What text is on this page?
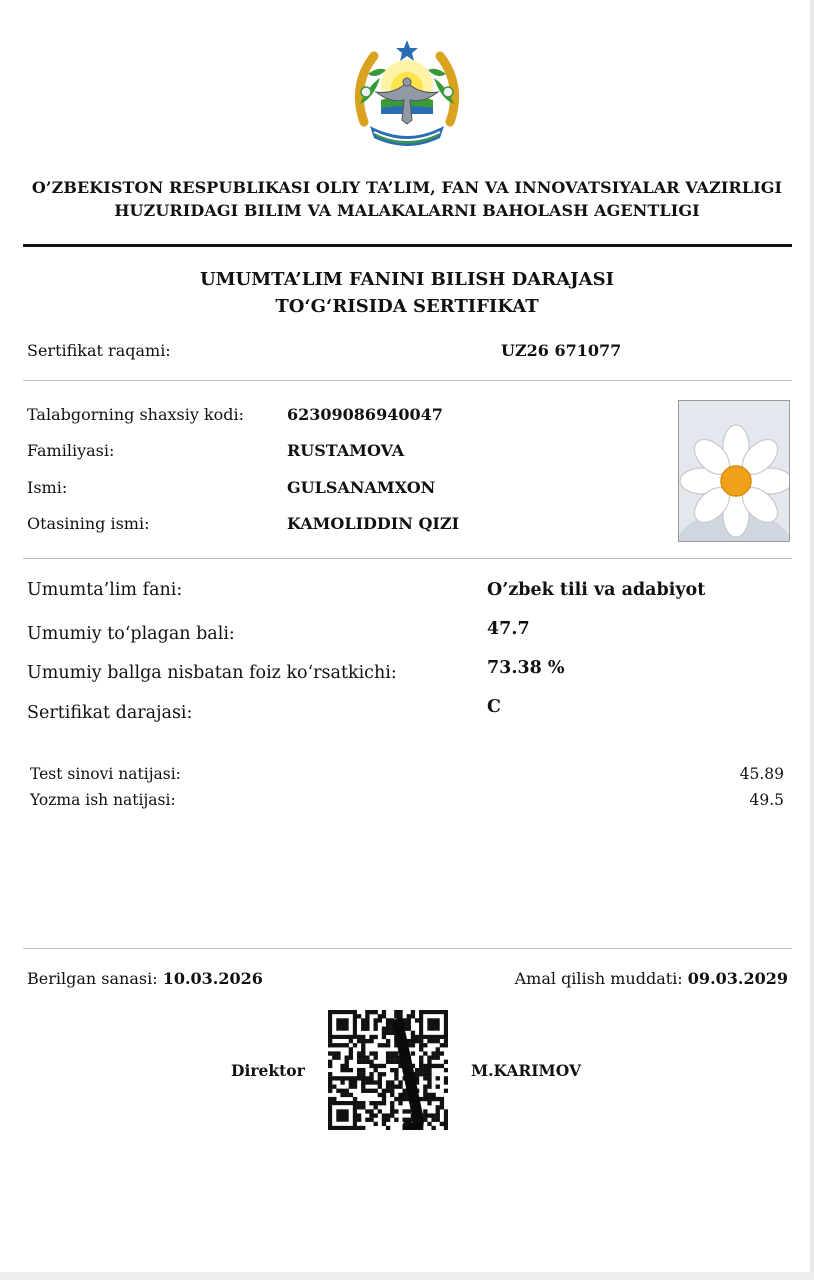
O’ZBEKISTON RESPUBLIKASI OLIY TA’LIM, FAN VA INNOVATSIYALAR VAZIRLIGI
HUZURIDAGI BILIM VA MALAKALARNI BAHOLASH AGENTLIGI
UMUMTA’LIM FANINI BILISH DARAJASI
TO‘G‘RISIDA SERTIFIKAT
Sertifikat raqami:	UZ26 671077
Talabgorning shaxsiy kodi:	62309086940047
Familiyasi:	RUSTAMOVA
Ismi:	GULSANAMXON
Otasining ismi:	KAMOLIDDIN QIZI
Umumta’lim fani:	O’zbek tili va adabiyot
Umumiy to‘plagan bali:	47.7
Umumiy ballga nisbatan foiz ko‘rsatkichi:	73.38 %
Sertifikat darajasi:	C
Test sinovi natijasi:	45.89
Yozma ish natijasi:	49.5
Berilgan sanasi: 10.03.2026	Amal qilish muddati: 09.03.2029
Direktor	M.KARIMOV
